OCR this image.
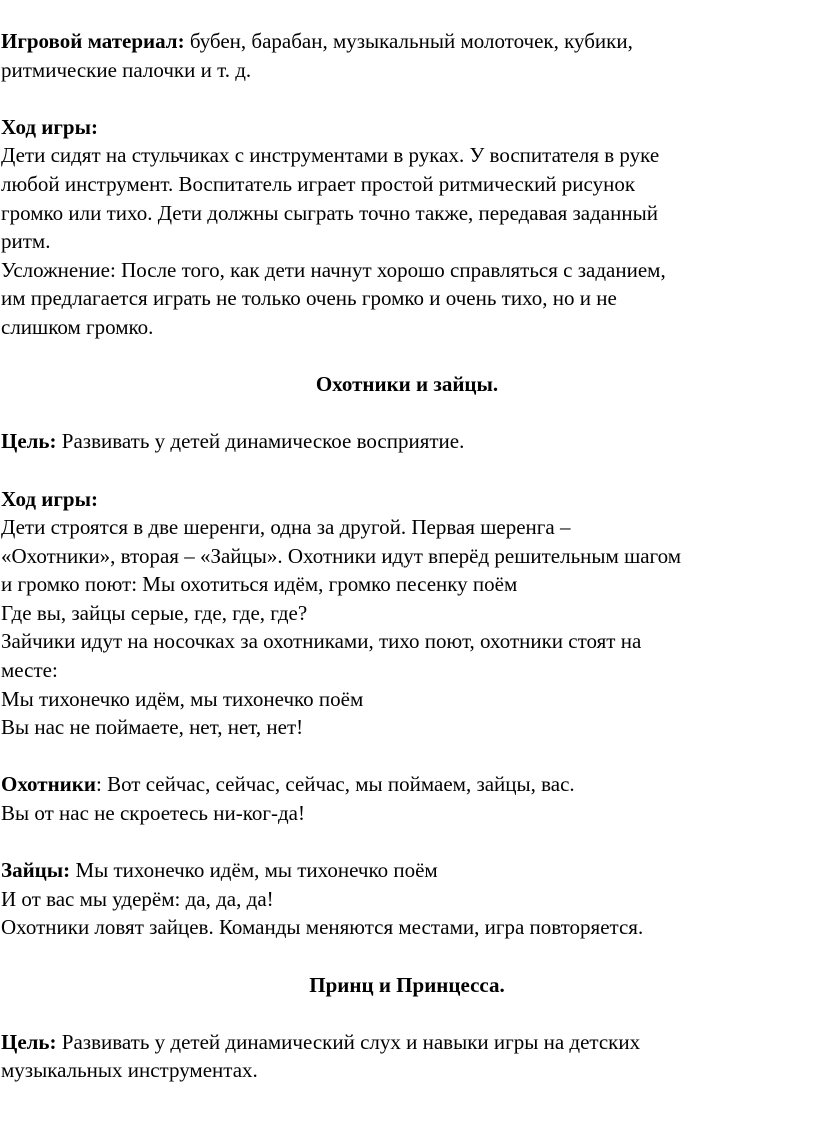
Игровой материал: бубен, барабан, музыкальный молоточек, кубики,
ритмические палочки и т. д.
Ход игры:
Дети сидят на стульчиках с инструментами в руках. У воспитателя в руке
любой инструмент. Воспитатель играет простой ритмический рисунок
громко или тихо. Дети должны сыграть точно также, передавая заданный
ритм.
Усложнение: После того, как дети начнут хорошо справляться с заданием,
им предлагается играть не только очень громко и очень тихо, но и не
слишком громко.
Охотники и зайцы.
Цель: Развивать у детей динамическое восприятие.
Ход игры:
Дети строятся в две шеренги, одна за другой. Первая шеренга –
«Охотники», вторая – «Зайцы». Охотники идут вперёд решительным шагом
и громко поют: Мы охотиться идём, громко песенку поём
Где вы, зайцы серые, где, где, где?
Зайчики идут на носочках за охотниками, тихо поют, охотники стоят на
месте:
Мы тихонечко идём, мы тихонечко поём
Вы нас не поймаете, нет, нет, нет!
Охотники: Вот сейчас, сейчас, сейчас, мы поймаем, зайцы, вас.
Вы от нас не скроетесь ни-ког-да!
Зайцы: Мы тихонечко идём, мы тихонечко поём
И от вас мы удерём: да, да, да!
Охотники ловят зайцев. Команды меняются местами, игра повторяется.
Принц и Принцесса.
Цель: Развивать у детей динамический слух и навыки игры на детских
музыкальных инструментах.
